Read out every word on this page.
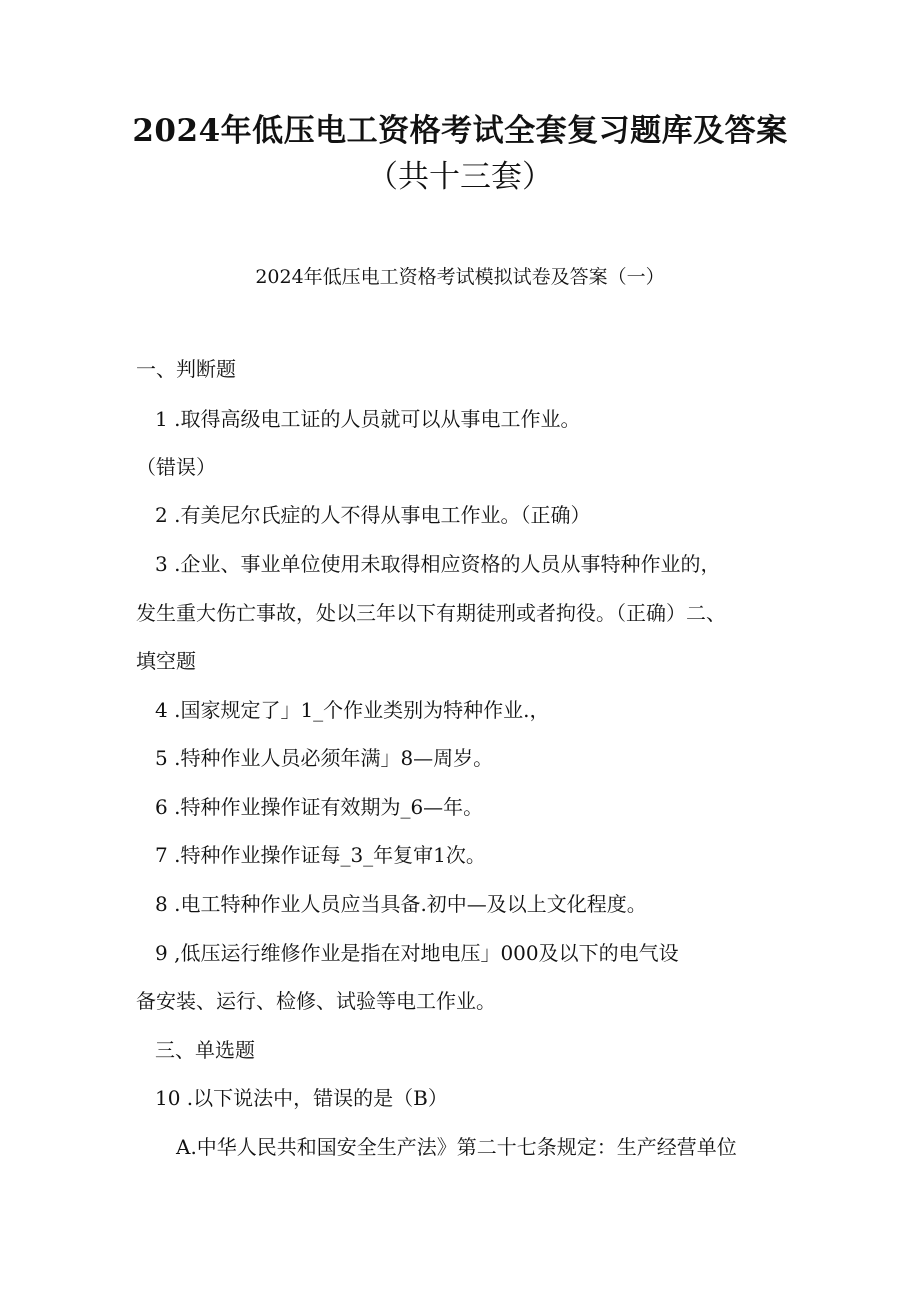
2024年低压电工资格考试全套复习题库及答案
（共十三套）
2024年低压电工资格考试模拟试卷及答案（一）
一、判断题
1 .取得高级电工证的人员就可以从事电工作业。
（错误）
2 .有美尼尔氏症的人不得从事电工作业。（正确）
3 .企业、事业单位使用未取得相应资格的人员从事特种作业的，
发生重大伤亡事故，处以三年以下有期徒刑或者拘役。（正确）二、
填空题
4 .国家规定了」1_个作业类别为特种作业.，
5 .特种作业人员必须年满」8—周岁。
6 .特种作业操作证有效期为_6—年。
7 .特种作业操作证每_3_年复审1次。
8 .电工特种作业人员应当具备.初中—及以上文化程度。
9 ,低压运行维修作业是指在对地电压」000及以下的电气设
备安装、运行、检修、试验等电工作业。
三、单选题
10 .以下说法中，错误的是（B）
A.中华人民共和国安全生产法》第二十七条规定：生产经营单位
